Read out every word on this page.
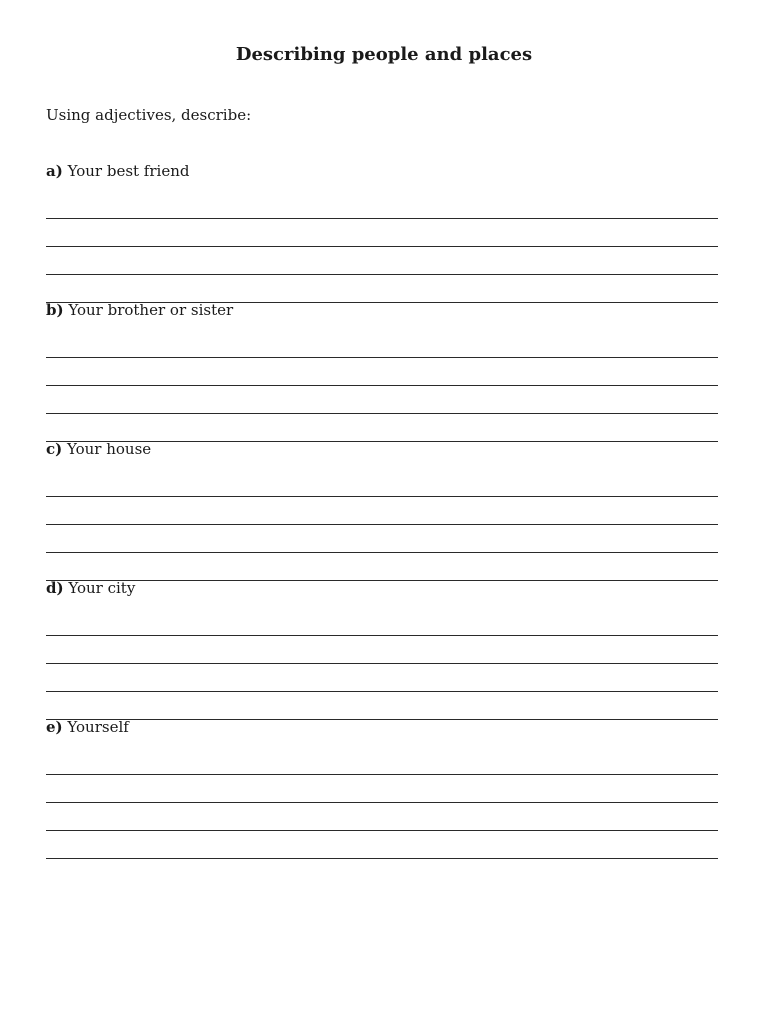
Describing people and places
Using adjectives, describe:
a) Your best friend
b) Your brother or sister
c) Your house
d) Your city
e) Yourself
